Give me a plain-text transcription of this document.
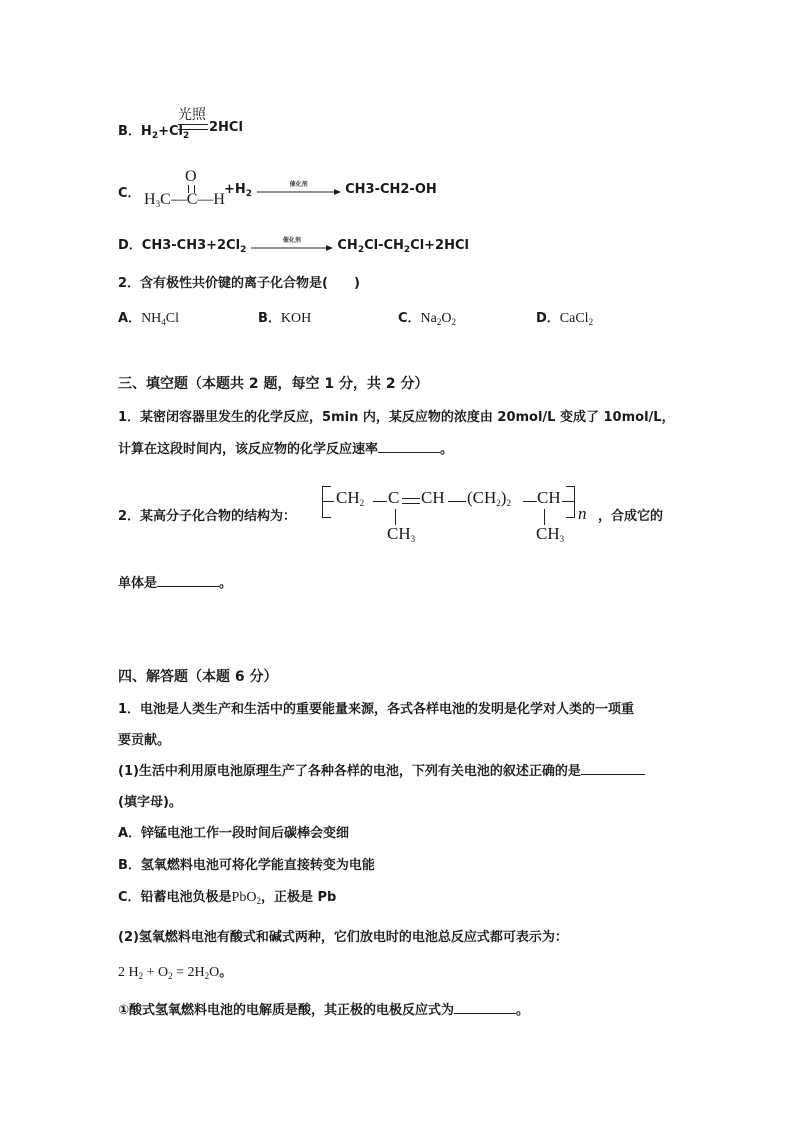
B．$H_2+Cl_2$
光照
2HCl
C．
O
$H_3C—C—H$
$+H_2$
催化剂	CH3-CH2-OH
D．$CH3-CH3+2Cl_2$
催化剂	$CH_2Cl-CH_2Cl+2HCl$
2．含有极性共价键的离子化合物是(　　)
A．$NH_4Cl$	B．KOH	C．$Na_2O_2$	D．CaCl$_2$
三、填空题（本题共 2 题，每空 1 分，共 2 分）
1．某密闭容器里发生的化学反应，5min 内，某反应物的浓度由 20mol/L 变成了 10mol/L，
计算在这段时间内，该反应物的化学反应速率	。
2．某高分子化合物的结构为：
$CH_2$ C CH $(CH_2)_2$ CH
n
$CH_3$	$CH_3$
，合成它的
单体是	。
四、解答题（本题 6 分）
1．电池是人类生产和生活中的重要能量来源，各式各样电池的发明是化学对人类的一项重
要贡献。
(1)生活中利用原电池原理生产了各种各样的电池，下列有关电池的叙述正确的是
(填字母)。
A．锌锰电池工作一段时间后碳棒会变细
B．氢氧燃料电池可将化学能直接转变为电能
C．铅蓄电池负极是PbO$_2$，正极是 Pb
(2)氢氧燃料电池有酸式和碱式两种，它们放电时的电池总反应式都可表示为：
2 $H_2 + O_2 = 2H_2O$。
①酸式氢氧燃料电池的电解质是酸，其正极的电极反应式为	。
